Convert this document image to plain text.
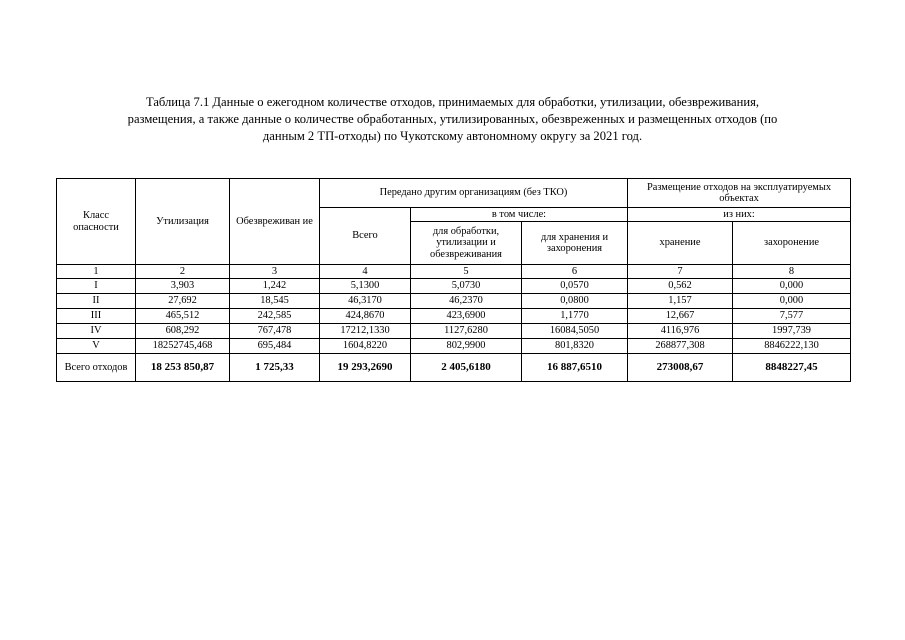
Таблица 7.1 Данные о ежегодном количестве отходов, принимаемых для обработки, утилизации, обезвреживания,
размещения, а также данные о количестве обработанных, утилизированных, обезвреженных и размещенных отходов (по
данным 2 ТП-отходы) по Чукотскому автономному округу за 2021 год.
Класс опасности	Утилизация	Обезвреживан ие	Передано другим организациям (без ТКО)			Размещение отходов на эксплуатируемых объектах	
			Всего	в том числе:		из них:	
				для обработки, утилизации и обезвреживания	для хранения и захоронения	хранение	захоронение
1	2	3	4	5	6	7	8
I	3,903	1,242	5,1300	5,0730	0,0570	0,562	0,000
II	27,692	18,545	46,3170	46,2370	0,0800	1,157	0,000
III	465,512	242,585	424,8670	423,6900	1,1770	12,667	7,577
IV	608,292	767,478	17212,1330	1127,6280	16084,5050	4116,976	1997,739
V	18252745,468	695,484	1604,8220	802,9900	801,8320	268877,308	8846222,130
Всего отходов	18 253 850,87	1 725,33	19 293,2690	2 405,6180	16 887,6510	273008,67	8848227,45
